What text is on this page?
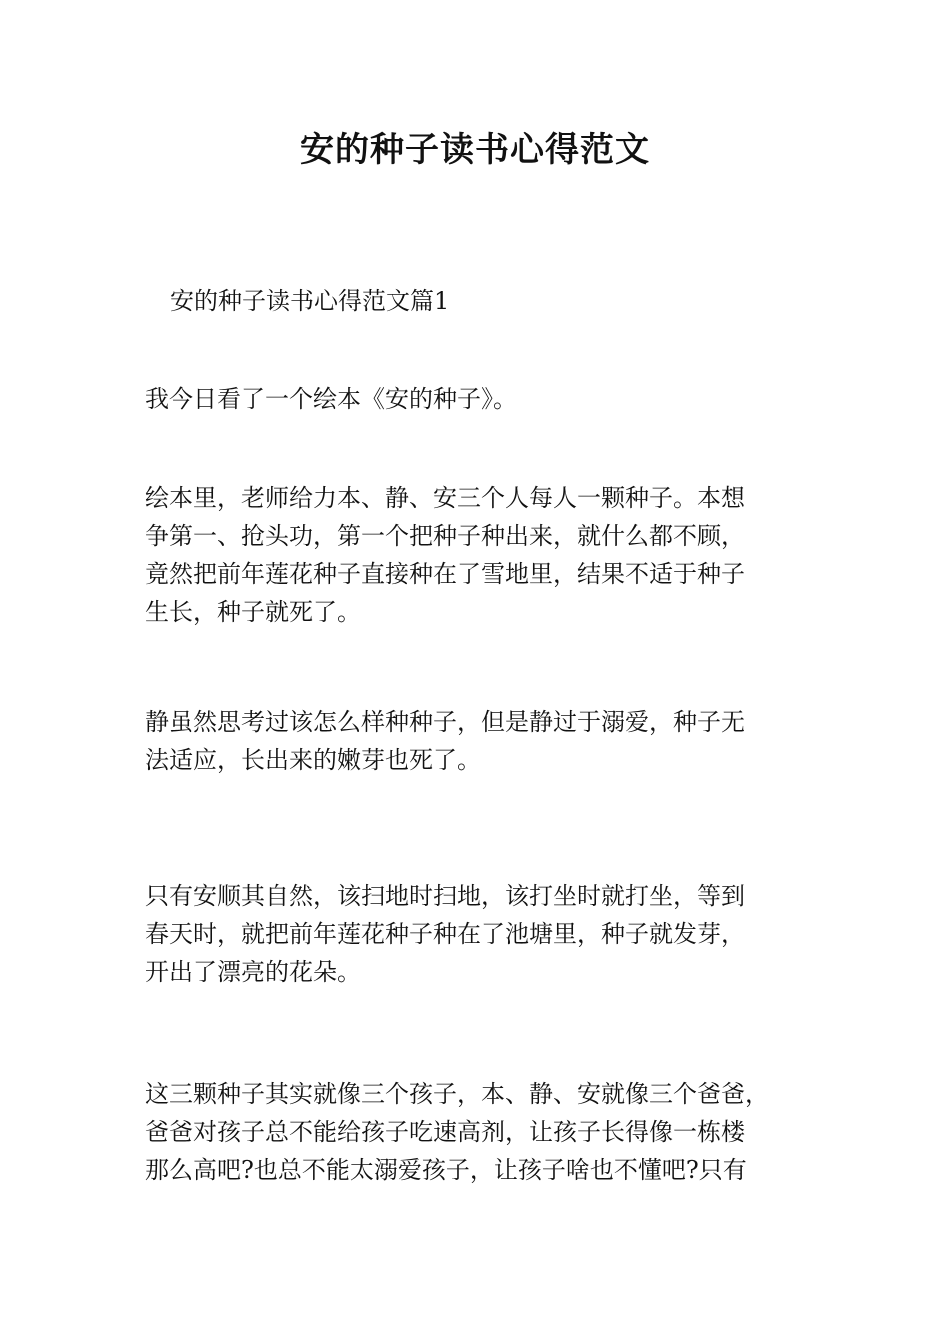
安的种子读书心得范文
安的种子读书心得范文篇1
我今日看了一个绘本《安的种子》。
绘本里，老师给力本、静、安三个人每人一颗种子。本想
争第一、抢头功，第一个把种子种出来，就什么都不顾，
竟然把前年莲花种子直接种在了雪地里，结果不适于种子
生长，种子就死了。
静虽然思考过该怎么样种种子，但是静过于溺爱，种子无
法适应，长出来的嫩芽也死了。
只有安顺其自然，该扫地时扫地，该打坐时就打坐，等到
春天时，就把前年莲花种子种在了池塘里，种子就发芽，
开出了漂亮的花朵。
这三颗种子其实就像三个孩子，本、静、安就像三个爸爸，
爸爸对孩子总不能给孩子吃速高剂，让孩子长得像一栋楼
那么高吧?也总不能太溺爱孩子，让孩子啥也不懂吧?只有
